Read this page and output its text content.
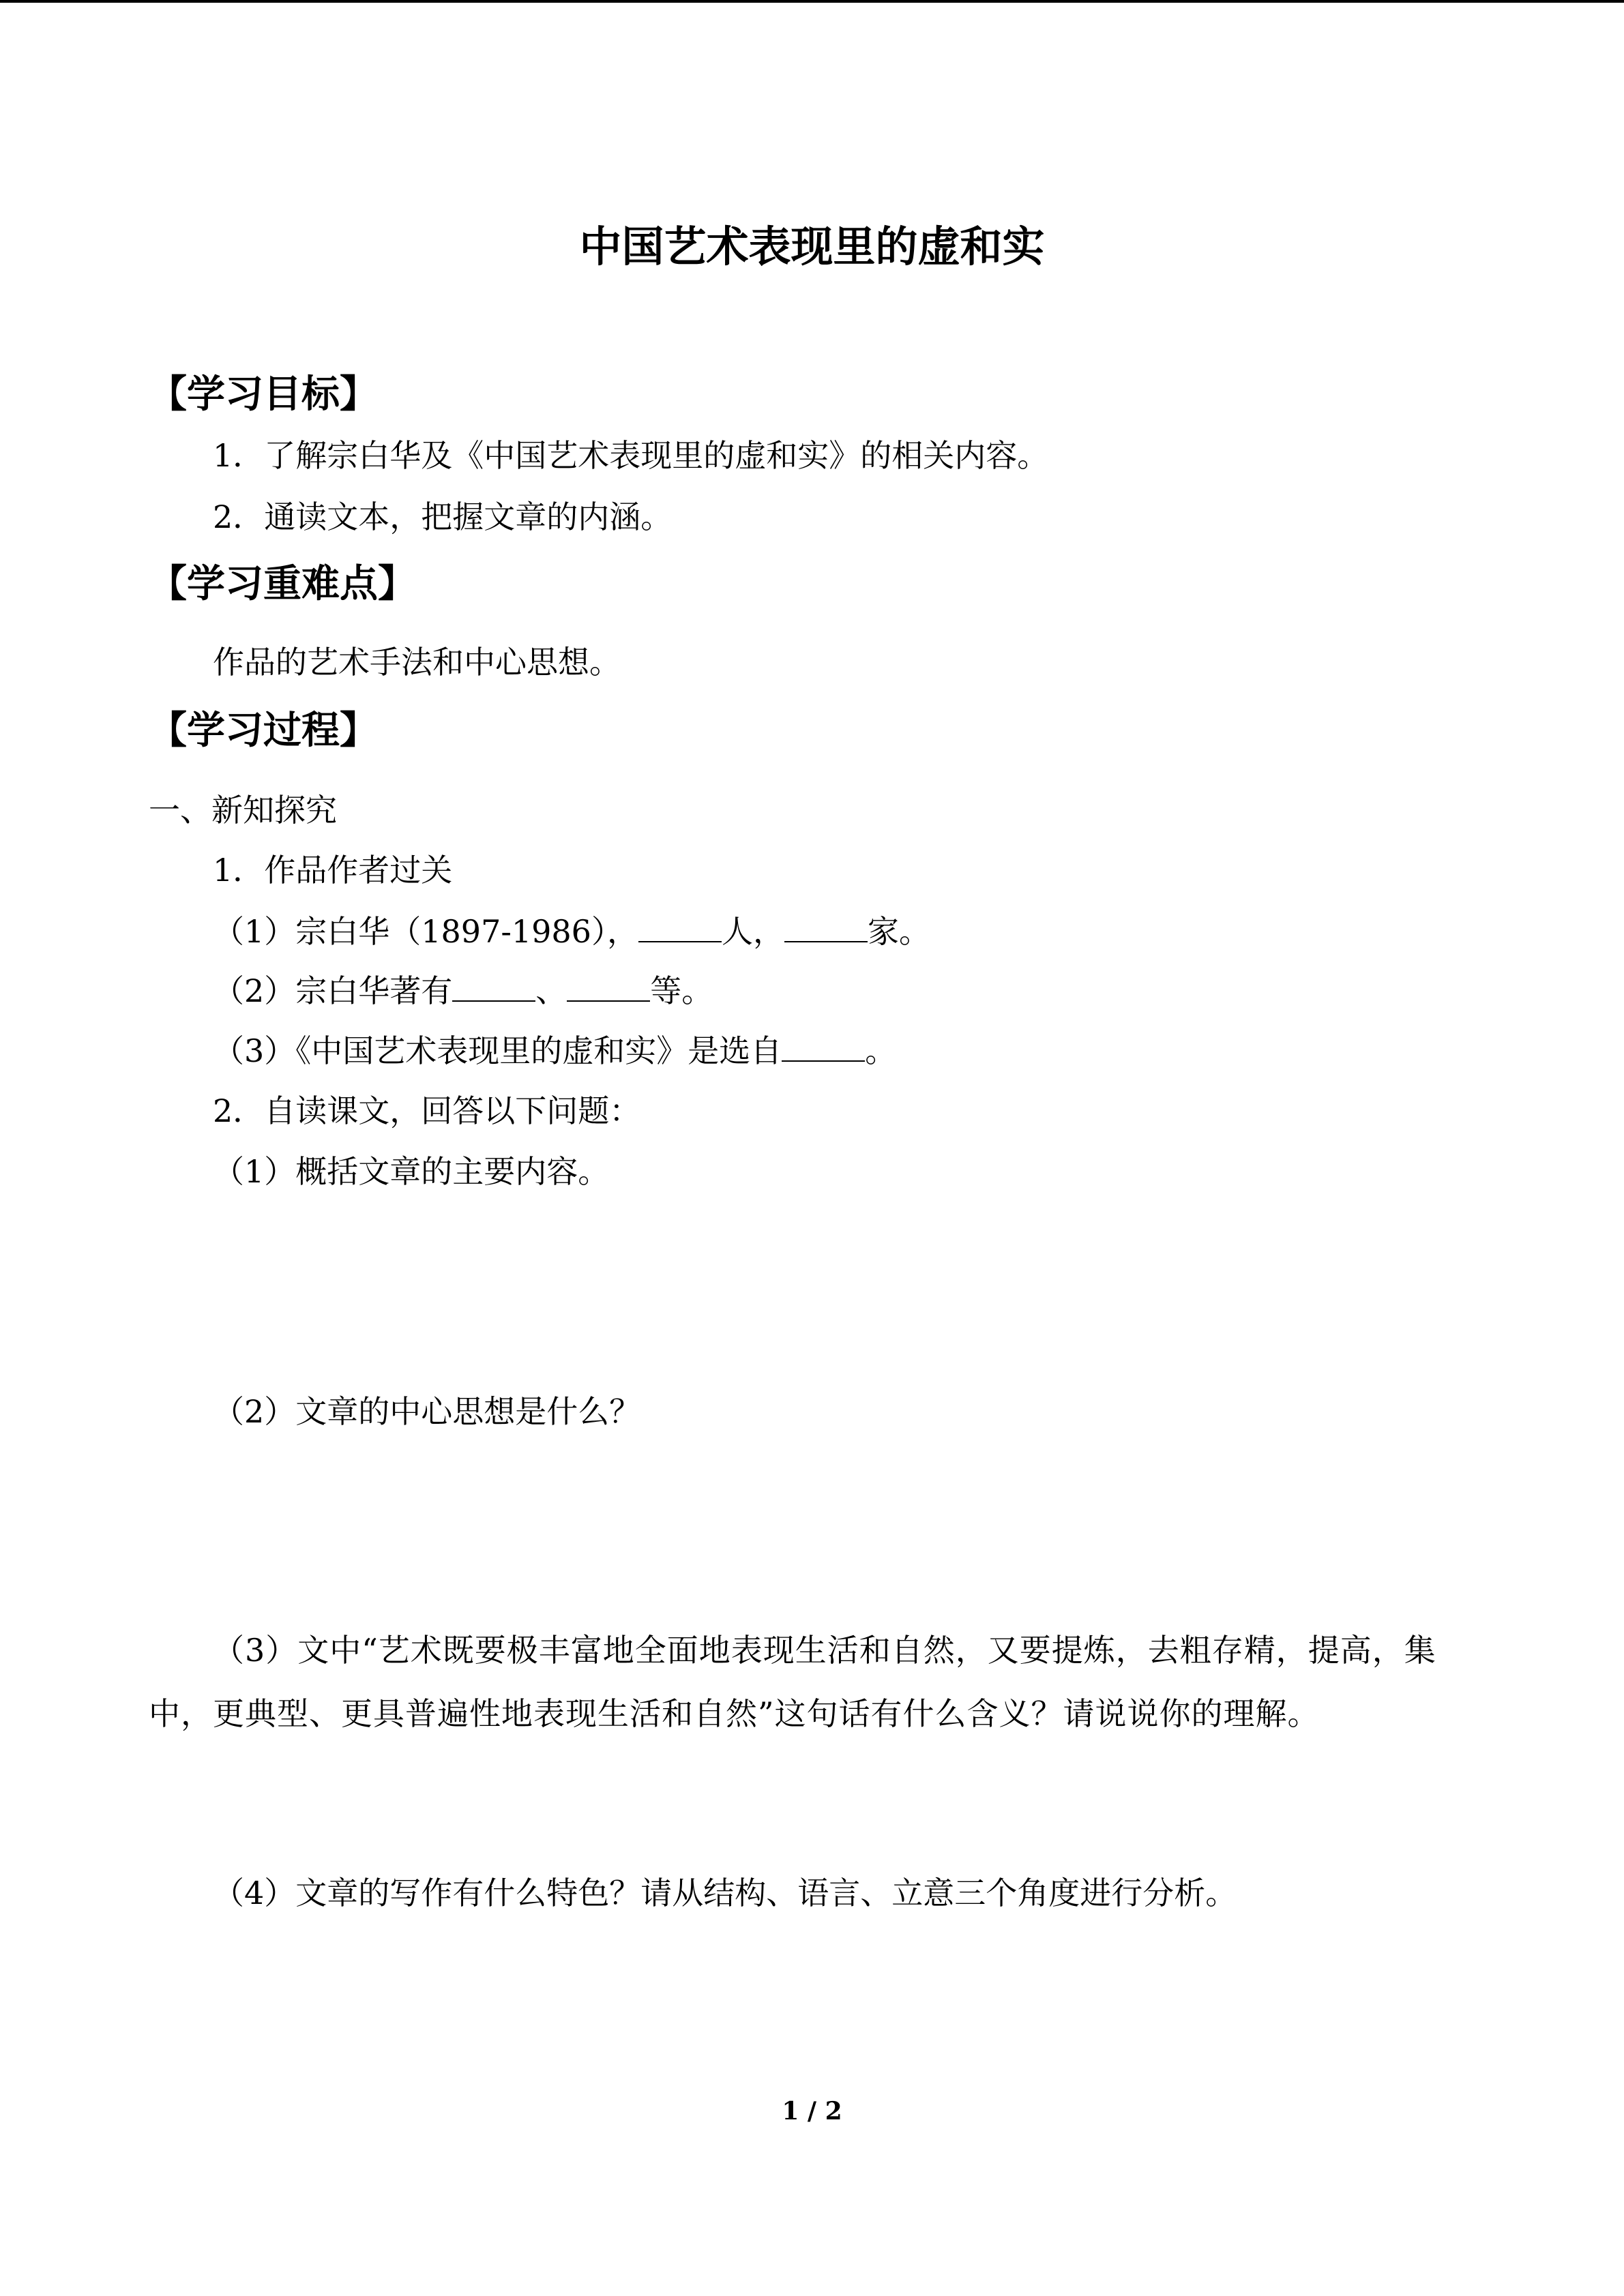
中国艺术表现里的虚和实
【学习目标】
1．了解宗白华及《中国艺术表现里的虚和实》的相关内容。
2．通读文本，把握文章的内涵。
【学习重难点】
作品的艺术手法和中心思想。
【学习过程】
一、新知探究
1．作品作者过关
（1）宗白华（1897-1986），	人，	家。
（2）宗白华著有	、	等。
（3）《中国艺术表现里的虚和实》是选自	。
2．自读课文，回答以下问题：
（1）概括文章的主要内容。
（2）文章的中心思想是什么？
（3）文中“艺术既要极丰富地全面地表现生活和自然，又要提炼，去粗存精，提高，集
中，更典型、更具普遍性地表现生活和自然”这句话有什么含义？请说说你的理解。
（4）文章的写作有什么特色？请从结构、语言、立意三个角度进行分析。
1 / 2
